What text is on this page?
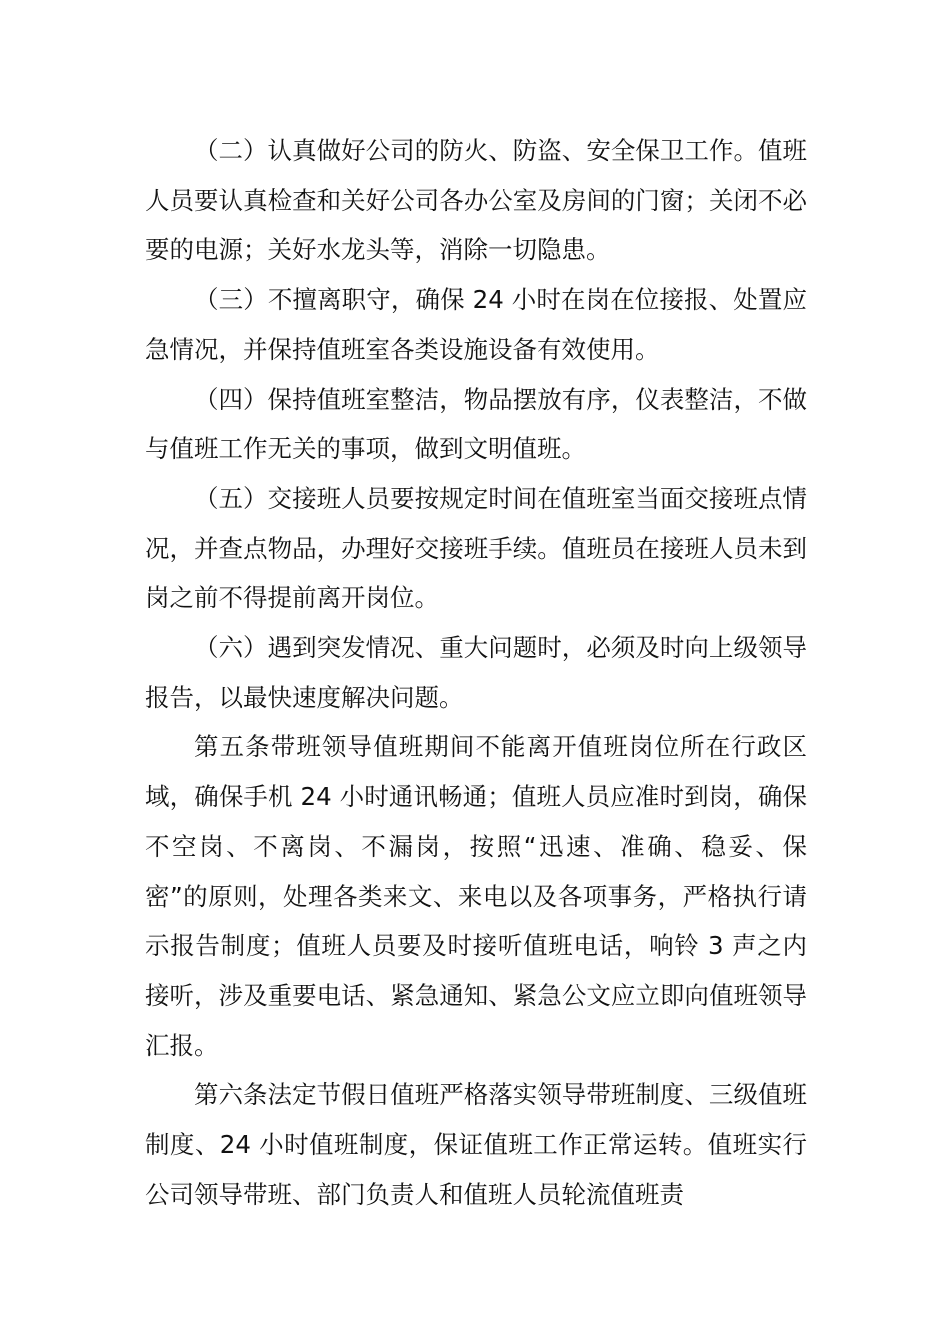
（二）认真做好公司的防火、防盗、安全保卫工作。值班人员要认真检查和关好公司各办公室及房间的门窗；关闭不必要的电源；关好水龙头等，消除一切隐患。

（三）不擅离职守，确保 24 小时在岗在位接报、处置应急情况，并保持值班室各类设施设备有效使用。

（四）保持值班室整洁，物品摆放有序，仪表整洁，不做与值班工作无关的事项，做到文明值班。

（五）交接班人员要按规定时间在值班室当面交接班点情况，并查点物品，办理好交接班手续。值班员在接班人员未到岗之前不得提前离开岗位。

（六）遇到突发情况、重大问题时，必须及时向上级领导报告，以最快速度解决问题。

第五条带班领导值班期间不能离开值班岗位所在行政区域，确保手机 24 小时通讯畅通；值班人员应准时到岗，确保不空岗、不离岗、不漏岗，按照“迅速、准确、稳妥、保密”的原则，处理各类来文、来电以及各项事务，严格执行请示报告制度；值班人员要及时接听值班电话，响铃 3 声之内接听，涉及重要电话、紧急通知、紧急公文应立即向值班领导汇报。

第六条法定节假日值班严格落实领导带班制度、三级值班制度、24 小时值班制度，保证值班工作正常运转。值班实行公司领导带班、部门负责人和值班人员轮流值班责
